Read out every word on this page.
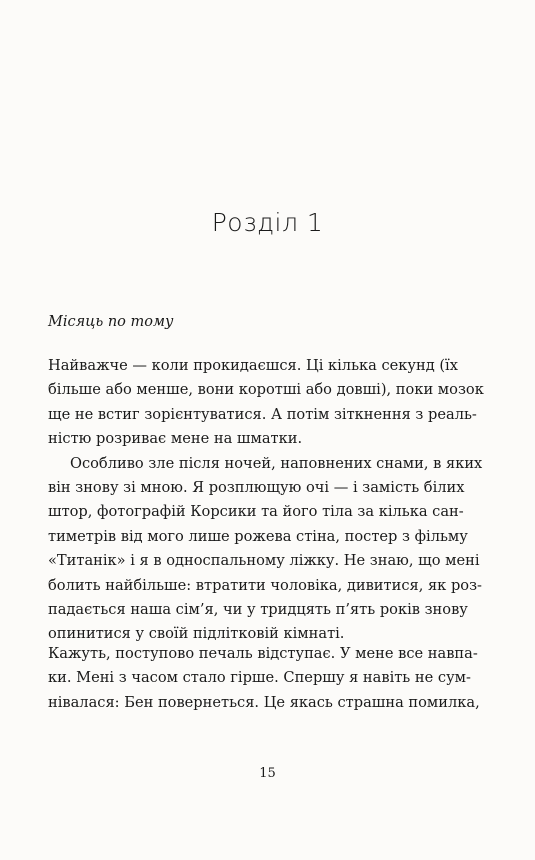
Розділ 1
Місяць по тому
Найважче — коли прокидаєшся. Ці кілька секунд (їх
більше або менше, вони коротші або довші), поки мозок
ще не встиг зорієнтуватися. А потім зіткнення з реаль-
ністю розриває мене на шматки.
Особливо зле після ночей, наповнених снами, в яких
він знову зі мною. Я розплющую очі — і замість білих
штор, фотографій Корсики та його тіла за кілька сан-
тиметрів від мого лише рожева стіна, постер з фільму
«Титанік» і я в односпальному ліжку. Не знаю, що мені
болить найбільше: втратити чоловіка, дивитися, як роз-
падається наша сім’я, чи у тридцять п’ять років знову
опинитися у своїй підлітковій кімнаті.
Кажуть, поступово печаль відступає. У мене все навпа-
ки. Мені з часом стало гірше. Спершу я навіть не сум-
нівалася: Бен повернеться. Це якась страшна помилка,
15
